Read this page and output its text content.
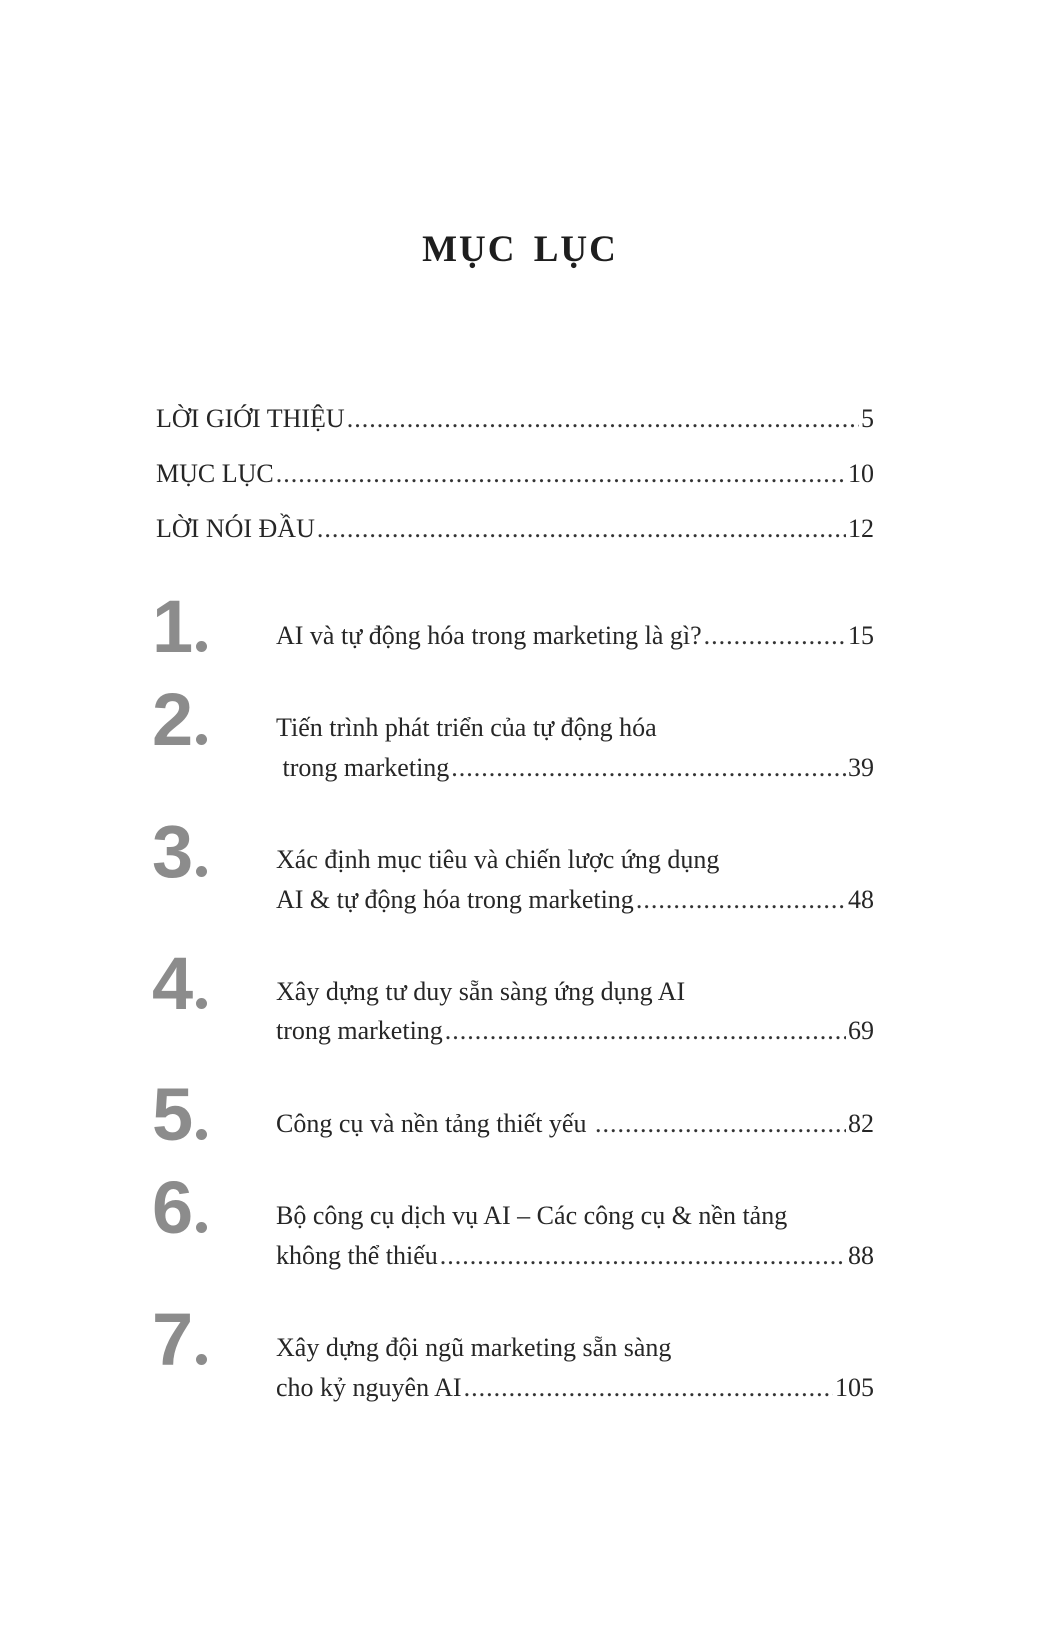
MỤC LỤC
LỜI GIỚI THIỆU .....	5
MỤC LỤC .....	10
LỜI NÓI ĐẦU .....	12
1	AI và tự động hóa trong marketing là gì? .....	15
2	Tiến trình phát triển của tự động hóa
trong marketing .....	39
3	Xác định mục tiêu và chiến lược ứng dụng
AI & tự động hóa trong marketing .....	48
4	Xây dựng tư duy sẵn sàng ứng dụng AI
trong marketing .....	69
5	Công cụ và nền tảng thiết yếu .....	82
6	Bộ công cụ dịch vụ AI – Các công cụ & nền tảng
không thể thiếu .....	88
7	Xây dựng đội ngũ marketing sẵn sàng
cho kỷ nguyên AI .....	105
